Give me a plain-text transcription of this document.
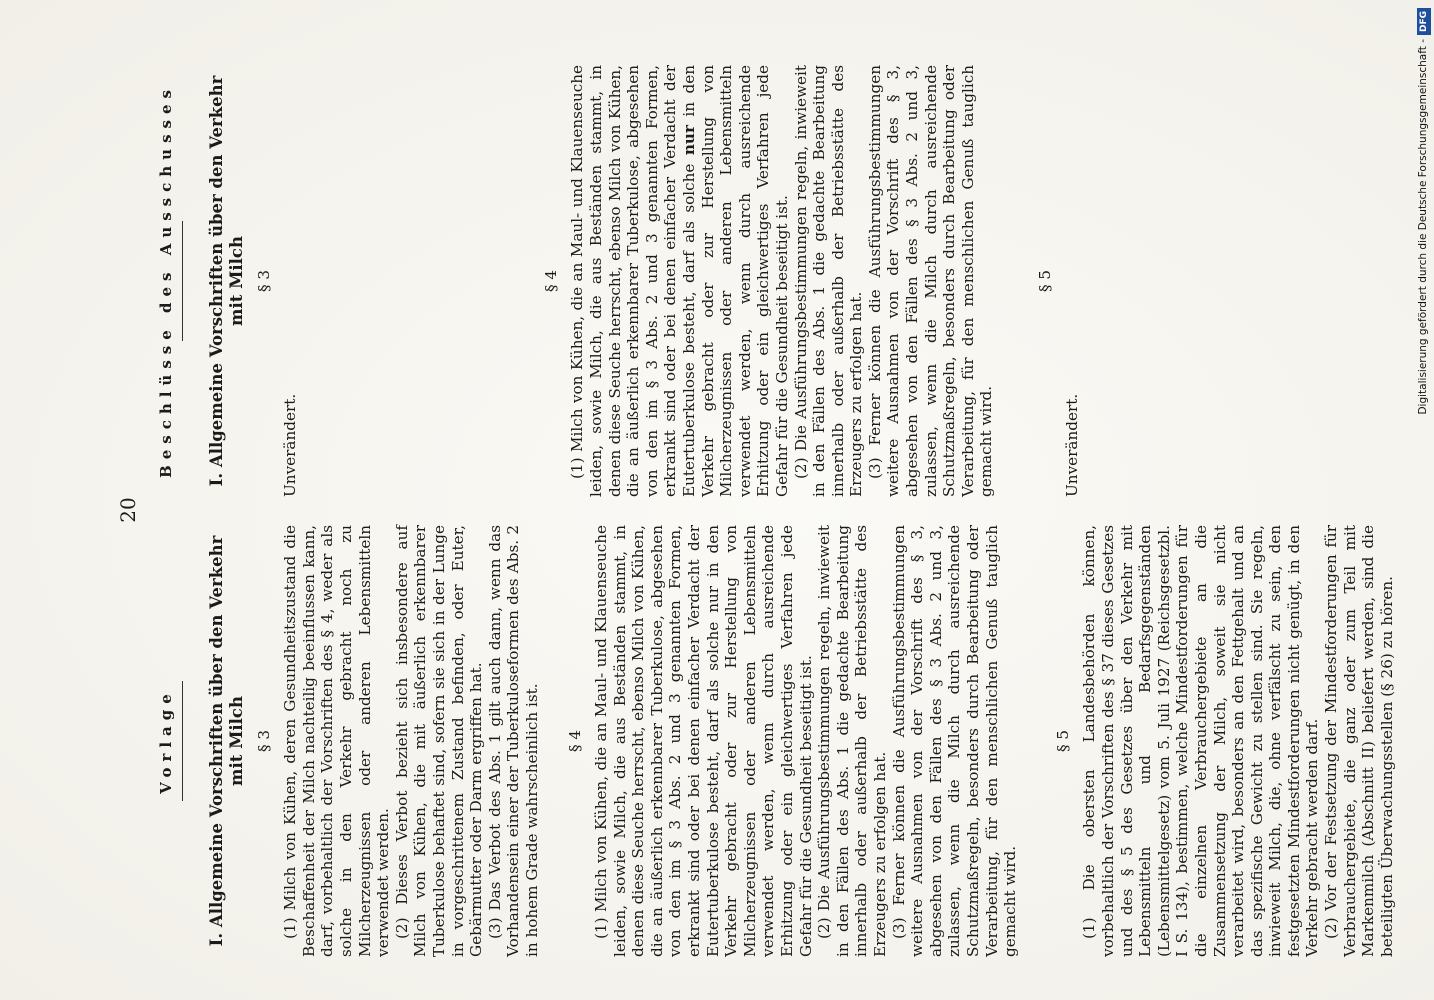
20
Vorlage I. Allgemeine Vorschriften über den Verkehr mit Milch § 3 (1) Milch von Kühen, deren Gesundheitszustand die Beschaffenheit der Milch nachteilig beeinflussen kann, darf, vorbehaltlich der Vorschriften des § 4, weder als solche in den Verkehr gebracht noch zu Milcherzeugnissen oder anderen Lebensmitteln verwendet werden. (2) Dieses Verbot bezieht sich insbesondere auf Milch von Kühen, die mit äußerlich erkennbarer Tuberkulose behaftet sind, sofern sie sich in der Lunge in vorgeschrittenem Zustand befinden, oder Euter, Gebärmutter oder Darm ergriffen hat. (3) Das Verbot des Abs. 1 gilt auch dann, wenn das Vorhandensein einer der Tuberkuloseformen des Abs. 2 in hohem Grade wahrscheinlich ist. § 4 (1) Milch von Kühen, die an Maul- und Klauenseuche leiden, sowie Milch, die aus Beständen stammt, in denen diese Seuche herrscht, ebenso Milch von Kühen, die an äußerlich erkennbarer Tuberkulose, abgesehen von den im § 3 Abs. 2 und 3 genannten Formen, erkrankt sind oder bei denen einfacher Verdacht der Eutertuberkulose besteht, darf als solche nur in den Verkehr gebracht oder zur Herstellung von Milcherzeugnissen oder anderen Lebensmitteln verwendet werden, wenn durch ausreichende Erhitzung oder ein gleichwertiges Verfahren jede Gefahr für die Gesundheit beseitigt ist. (2) Die Ausführungsbestimmungen regeln, inwieweit in den Fällen des Abs. 1 die gedachte Bearbeitung innerhalb oder außerhalb der Betriebsstätte des Erzeugers zu erfolgen hat. (3) Ferner können die Ausführungsbestimmungen weitere Ausnahmen von der Vorschrift des § 3, abgesehen von den Fällen des § 3 Abs. 2 und 3, zulassen, wenn die Milch durch ausreichende Schutzmaßregeln, besonders durch Bearbeitung oder Verarbeitung, für den menschlichen Genuß tauglich gemacht wird.

§ 5 (1) Die obersten Landesbehörden können, vorbehaltlich der Vorschriften des § 37 dieses Gesetzes und des § 5 des Gesetzes über den Verkehr mit Lebensmitteln und Bedarfsgegenständen (Lebensmittelgesetz) vom 5. Juli 1927 (Reichsgesetzbl. I S. 134), bestimmen, welche Mindestforderungen für die einzelnen Verbrauchergebiete an die Zusammensetzung der Milch, soweit sie nicht verarbeitet wird, besonders an den Fettgehalt und an das spezifische Gewicht zu stellen sind. Sie regeln, inwieweit Milch, die, ohne verfälscht zu sein, den festgesetzten Mindestforderungen nicht genügt, in den Verkehr gebracht werden darf. (2) Vor der Festsetzung der Mindestforderungen für Verbrauchergebiete, die ganz oder zum Teil mit Markenmilch (Abschnitt II) beliefert werden, sind die beteiligten Überwachungsstellen (§ 26) zu hören.

Beschlüsse des Ausschusses I. Allgemeine Vorschriften über den Verkehr mit Milch § 3

Unverändert.

§ 4 (1) Milch von Kühen, die an Maul- und Klauenseuche leiden, sowie Milch, die aus Beständen stammt, in denen diese Seuche herrscht, ebenso Milch von Kühen, die an äußerlich erkennbarer Tuberkulose, abgesehen von den im § 3 Abs. 2 und 3 genannten Formen, erkrankt sind oder bei denen einfacher Verdacht der Eutertuberkulose besteht, darf als solche nur in den Verkehr gebracht oder zur Herstellung von Milcherzeugnissen oder anderen Lebensmitteln verwendet werden, wenn durch ausreichende Erhitzung oder ein gleichwertiges Verfahren jede Gefahr für die Gesundheit beseitigt ist. (2) Die Ausführungsbestimmungen regeln, inwieweit in den Fällen des Abs. 1 die gedachte Bearbeitung innerhalb oder außerhalb der Betriebsstätte des Erzeugers zu erfolgen hat. (3) Ferner können die Ausführungsbestimmungen weitere Ausnahmen von der Vorschrift des § 3, abgesehen von den Fällen des § 3 Abs. 2 und 3, zulassen, wenn die Milch durch ausreichende Schutzmaßregeln, besonders durch Bearbeitung oder Verarbeitung, für den menschlichen Genuß tauglich gemacht wird.

§ 5

Unverändert.

Digitalisierung gefördert durch die Deutsche Forschungsgemeinschaft -DFG
